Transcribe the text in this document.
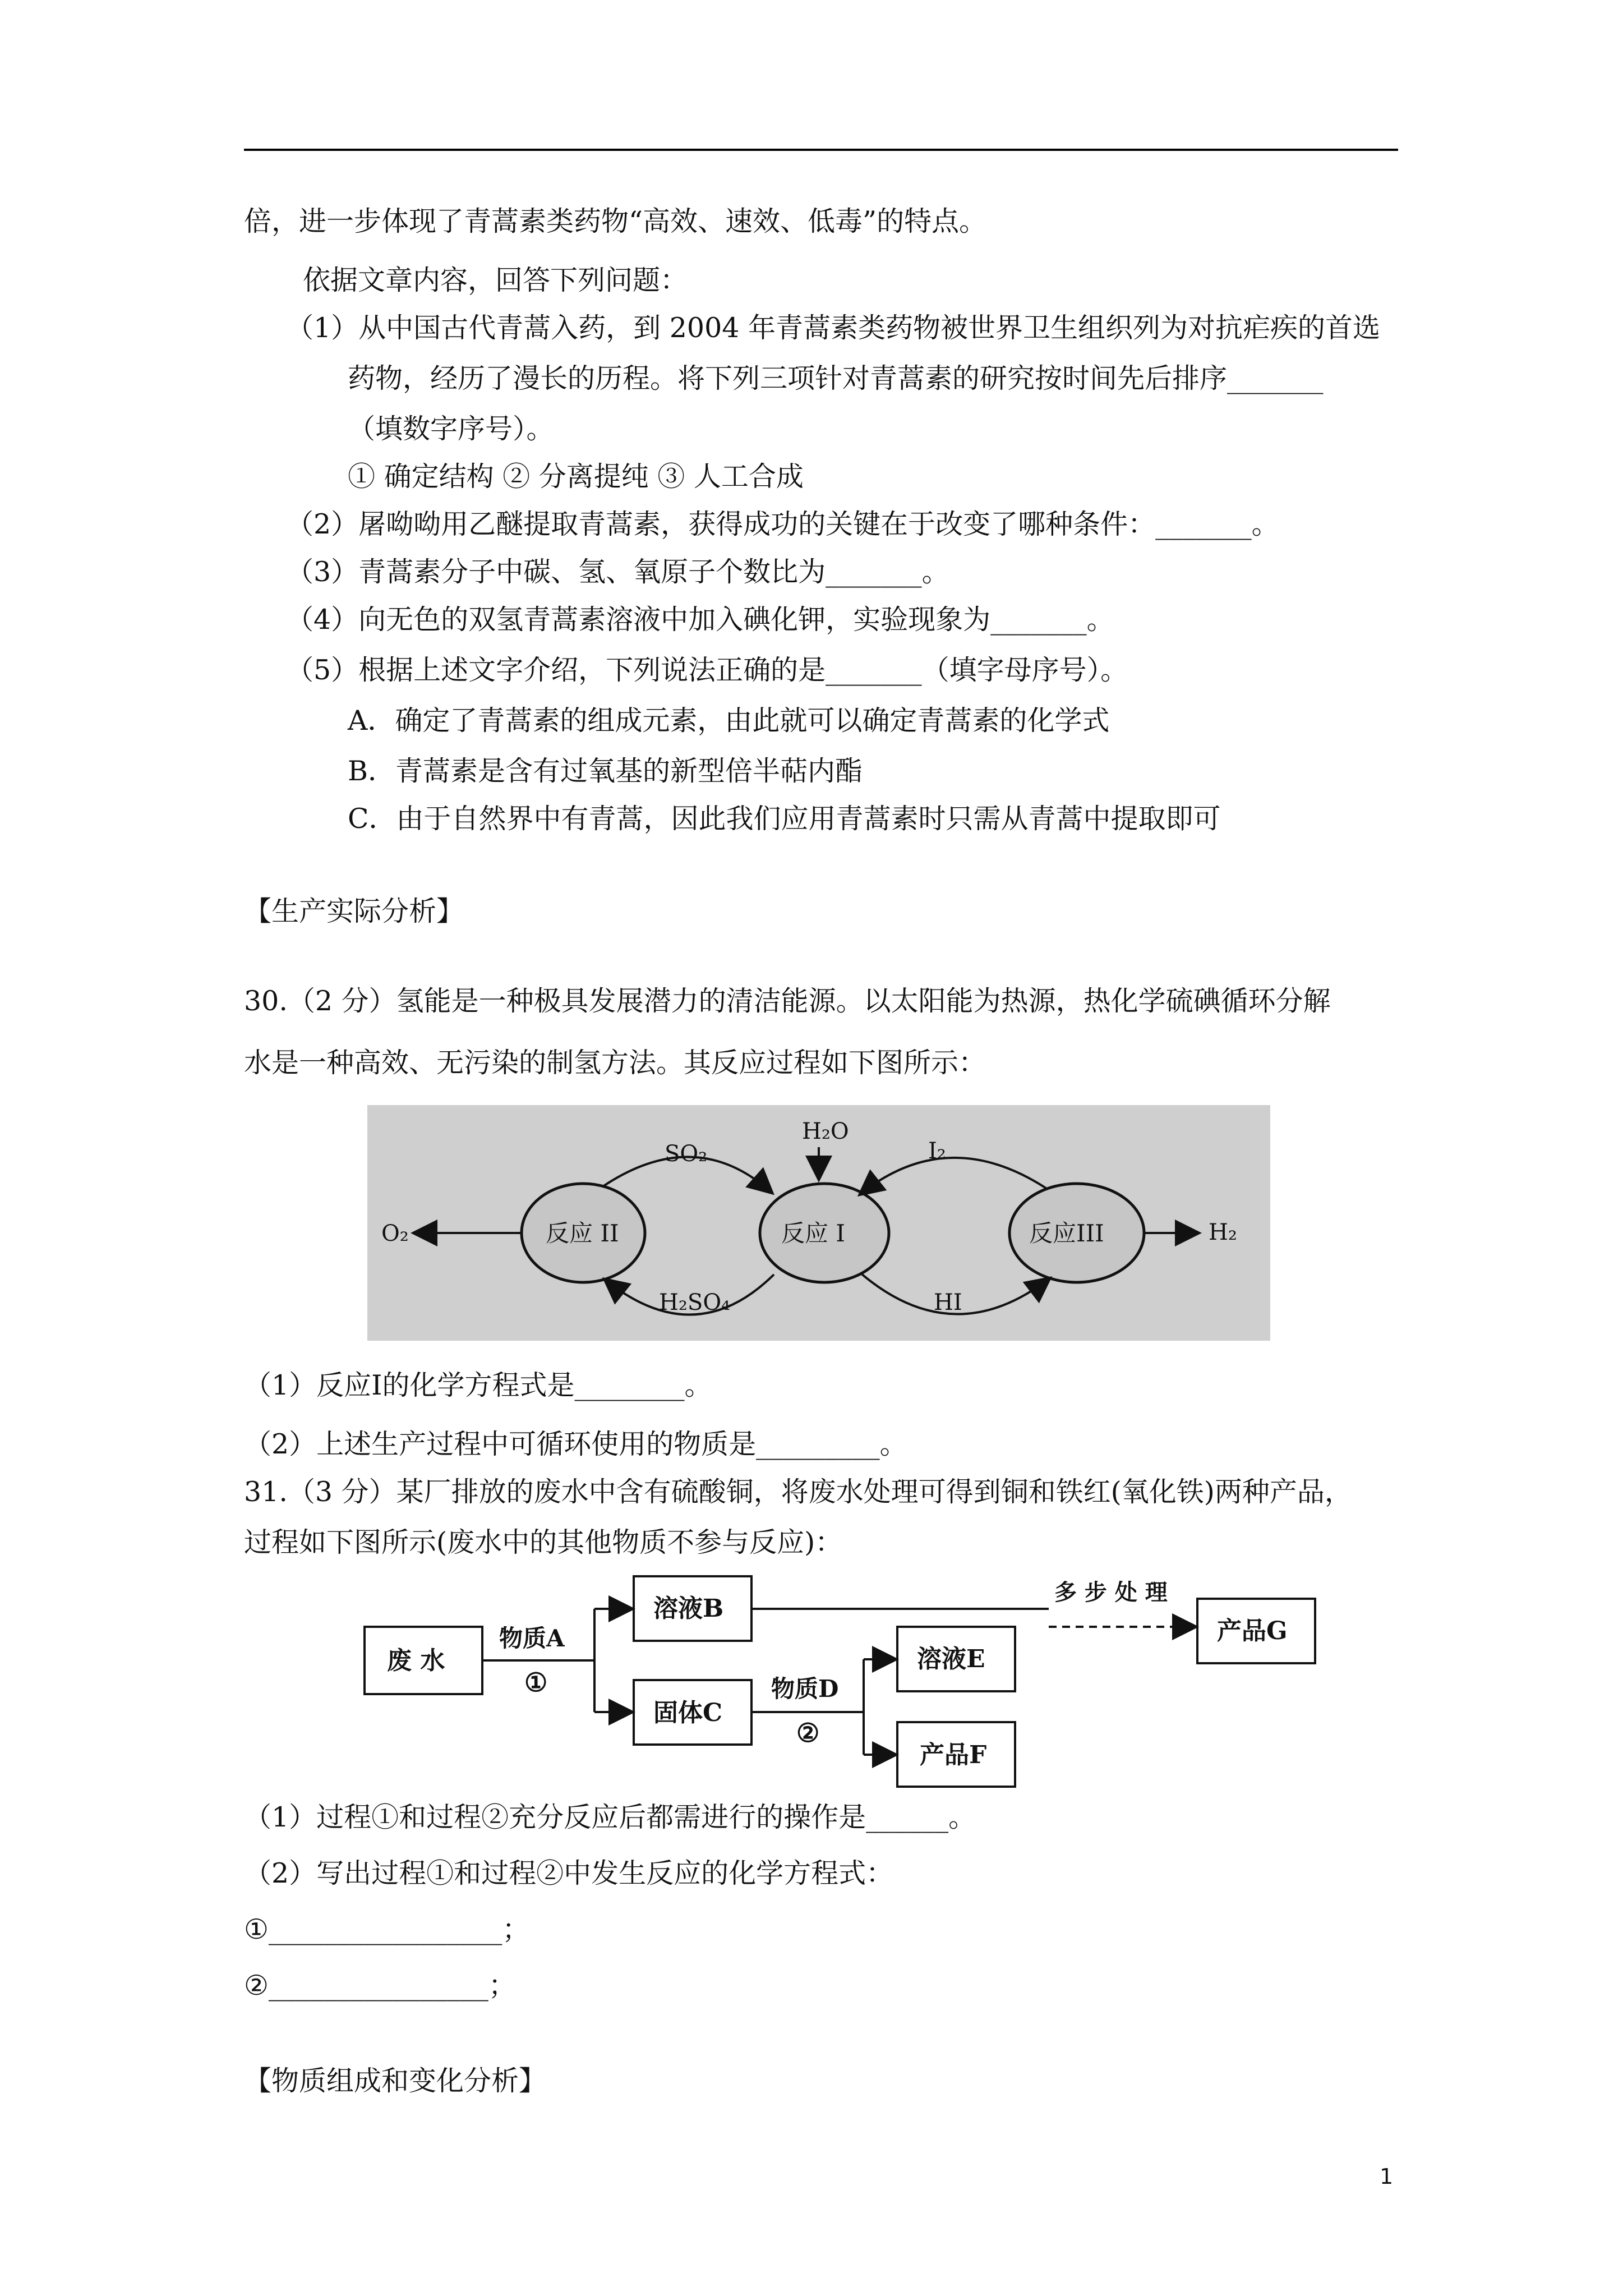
倍，进一步体现了青蒿素类药物“高效、速效、低毒”的特点。
依据文章内容，回答下列问题：
（1）从中国古代青蒿入药，到 2004 年青蒿素类药物被世界卫生组织列为对抗疟疾的首选
药物，经历了漫长的历程。将下列三项针对青蒿素的研究按时间先后排序_______
（填数字序号）。
① 确定结构 ② 分离提纯 ③ 人工合成
（2）屠呦呦用乙醚提取青蒿素，获得成功的关键在于改变了哪种条件：_______。
（3）青蒿素分子中碳、氢、氧原子个数比为_______。
（4）向无色的双氢青蒿素溶液中加入碘化钾，实验现象为_______。
（5）根据上述文字介绍，下列说法正确的是_______（填字母序号）。
A．确定了青蒿素的组成元素，由此就可以确定青蒿素的化学式
B．青蒿素是含有过氧基的新型倍半萜内酯
C．由于自然界中有青蒿，因此我们应用青蒿素时只需从青蒿中提取即可
【生产实际分析】
30.（2 分）氢能是一种极具发展潜力的清洁能源。以太阳能为热源，热化学硫碘循环分解
水是一种高效、无污染的制氢方法。其反应过程如下图所示：
H₂O
SO₂	I₂
H₂SO₄	HI
O₂	H₂
反应 II	反应 I	反应III
（1）反应Ⅰ的化学方程式是________。
（2）上述生产过程中可循环使用的物质是_________。
31.（3 分）某厂排放的废水中含有硫酸铜，将废水处理可得到铜和铁红(氧化铁)两种产品，
过程如下图所示(废水中的其他物质不参与反应)：
废 水
物质A
①
溶液B
固体C
物质D
②
溶液E
产品F
多 步 处 理
产品G
（1）过程①和过程②充分反应后都需进行的操作是______。
（2）写出过程①和过程②中发生反应的化学方程式：
①_________________；
②________________；
【物质组成和变化分析】
1
